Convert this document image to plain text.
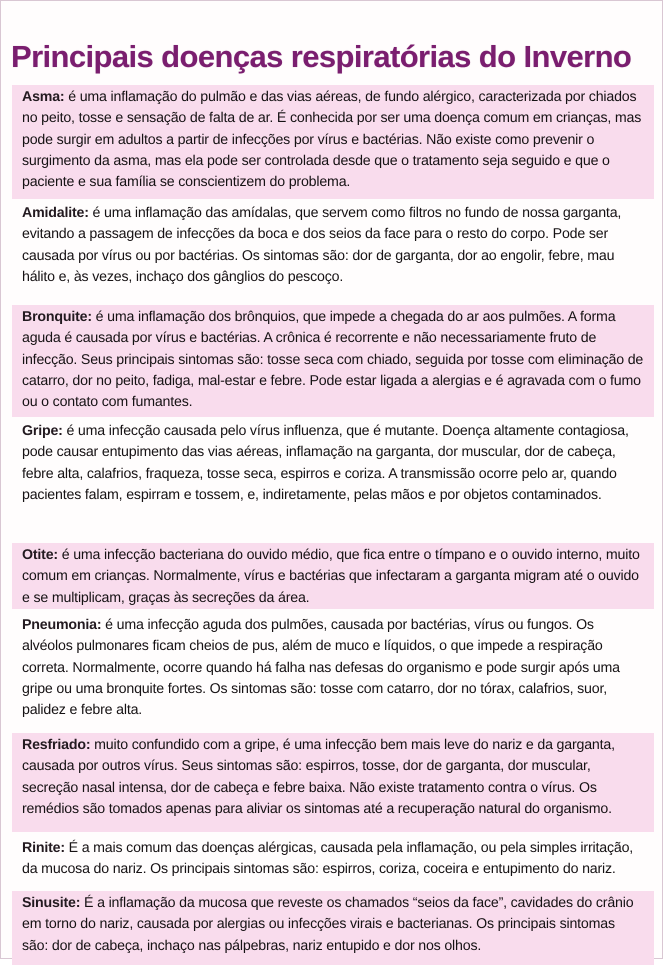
Principais doenças respiratórias do Inverno

Asma: é uma inflamação do pulmão e das vias aéreas, de fundo alérgico, caracterizada por chiados no peito, tosse e sensação de falta de ar. É conhecida por ser uma doença comum em crianças, mas pode surgir em adultos a partir de infecções por vírus e bactérias. Não existe como prevenir o surgimento da asma, mas ela pode ser controlada desde que o tratamento seja seguido e que o paciente e sua família se conscientizem do problema.

Amidalite: é uma inflamação das amídalas, que servem como filtros no fundo de nossa garganta, evitando a passagem de infecções da boca e dos seios da face para o resto do corpo. Pode ser causada por vírus ou por bactérias. Os sintomas são: dor de garganta, dor ao engolir, febre, mau hálito e, às vezes, inchaço dos gânglios do pescoço.

Bronquite: é uma inflamação dos brônquios, que impede a chegada do ar aos pulmões. A forma aguda é causada por vírus e bactérias. A crônica é recorrente e não necessariamente fruto de infecção. Seus principais sintomas são: tosse seca com chiado, seguida por tosse com eliminação de catarro, dor no peito, fadiga, mal-estar e febre. Pode estar ligada a alergias e é agravada com o fumo ou o contato com fumantes.

Gripe: é uma infecção causada pelo vírus influenza, que é mutante. Doença altamente contagiosa, pode causar entupimento das vias aéreas, inflamação na garganta, dor muscular, dor de cabeça, febre alta, calafrios, fraqueza, tosse seca, espirros e coriza. A transmissão ocorre pelo ar, quando pacientes falam, espirram e tossem, e, indiretamente, pelas mãos e por objetos contaminados.

Otite: é uma infecção bacteriana do ouvido médio, que fica entre o tímpano e o ouvido interno, muito comum em crianças. Normalmente, vírus e bactérias que infectaram a garganta migram até o ouvido e se multiplicam, graças às secreções da área.

Pneumonia: é uma infecção aguda dos pulmões, causada por bactérias, vírus ou fungos. Os alvéolos pulmonares ficam cheios de pus, além de muco e líquidos, o que impede a respiração correta. Normalmente, ocorre quando há falha nas defesas do organismo e pode surgir após uma gripe ou uma bronquite fortes. Os sintomas são: tosse com catarro, dor no tórax, calafrios, suor, palidez e febre alta.

Resfriado: muito confundido com a gripe, é uma infecção bem mais leve do nariz e da garganta, causada por outros vírus. Seus sintomas são: espirros, tosse, dor de garganta, dor muscular, secreção nasal intensa, dor de cabeça e febre baixa. Não existe tratamento contra o vírus. Os remédios são tomados apenas para aliviar os sintomas até a recuperação natural do organismo.

Rinite: É a mais comum das doenças alérgicas, causada pela inflamação, ou pela simples irritação, da mucosa do nariz. Os principais sintomas são: espirros, coriza, coceira e entupimento do nariz.

Sinusite: É a inflamação da mucosa que reveste os chamados “seios da face”, cavidades do crânio em torno do nariz, causada por alergias ou infecções virais e bacterianas. Os principais sintomas são: dor de cabeça, inchaço nas pálpebras, nariz entupido e dor nos olhos.
